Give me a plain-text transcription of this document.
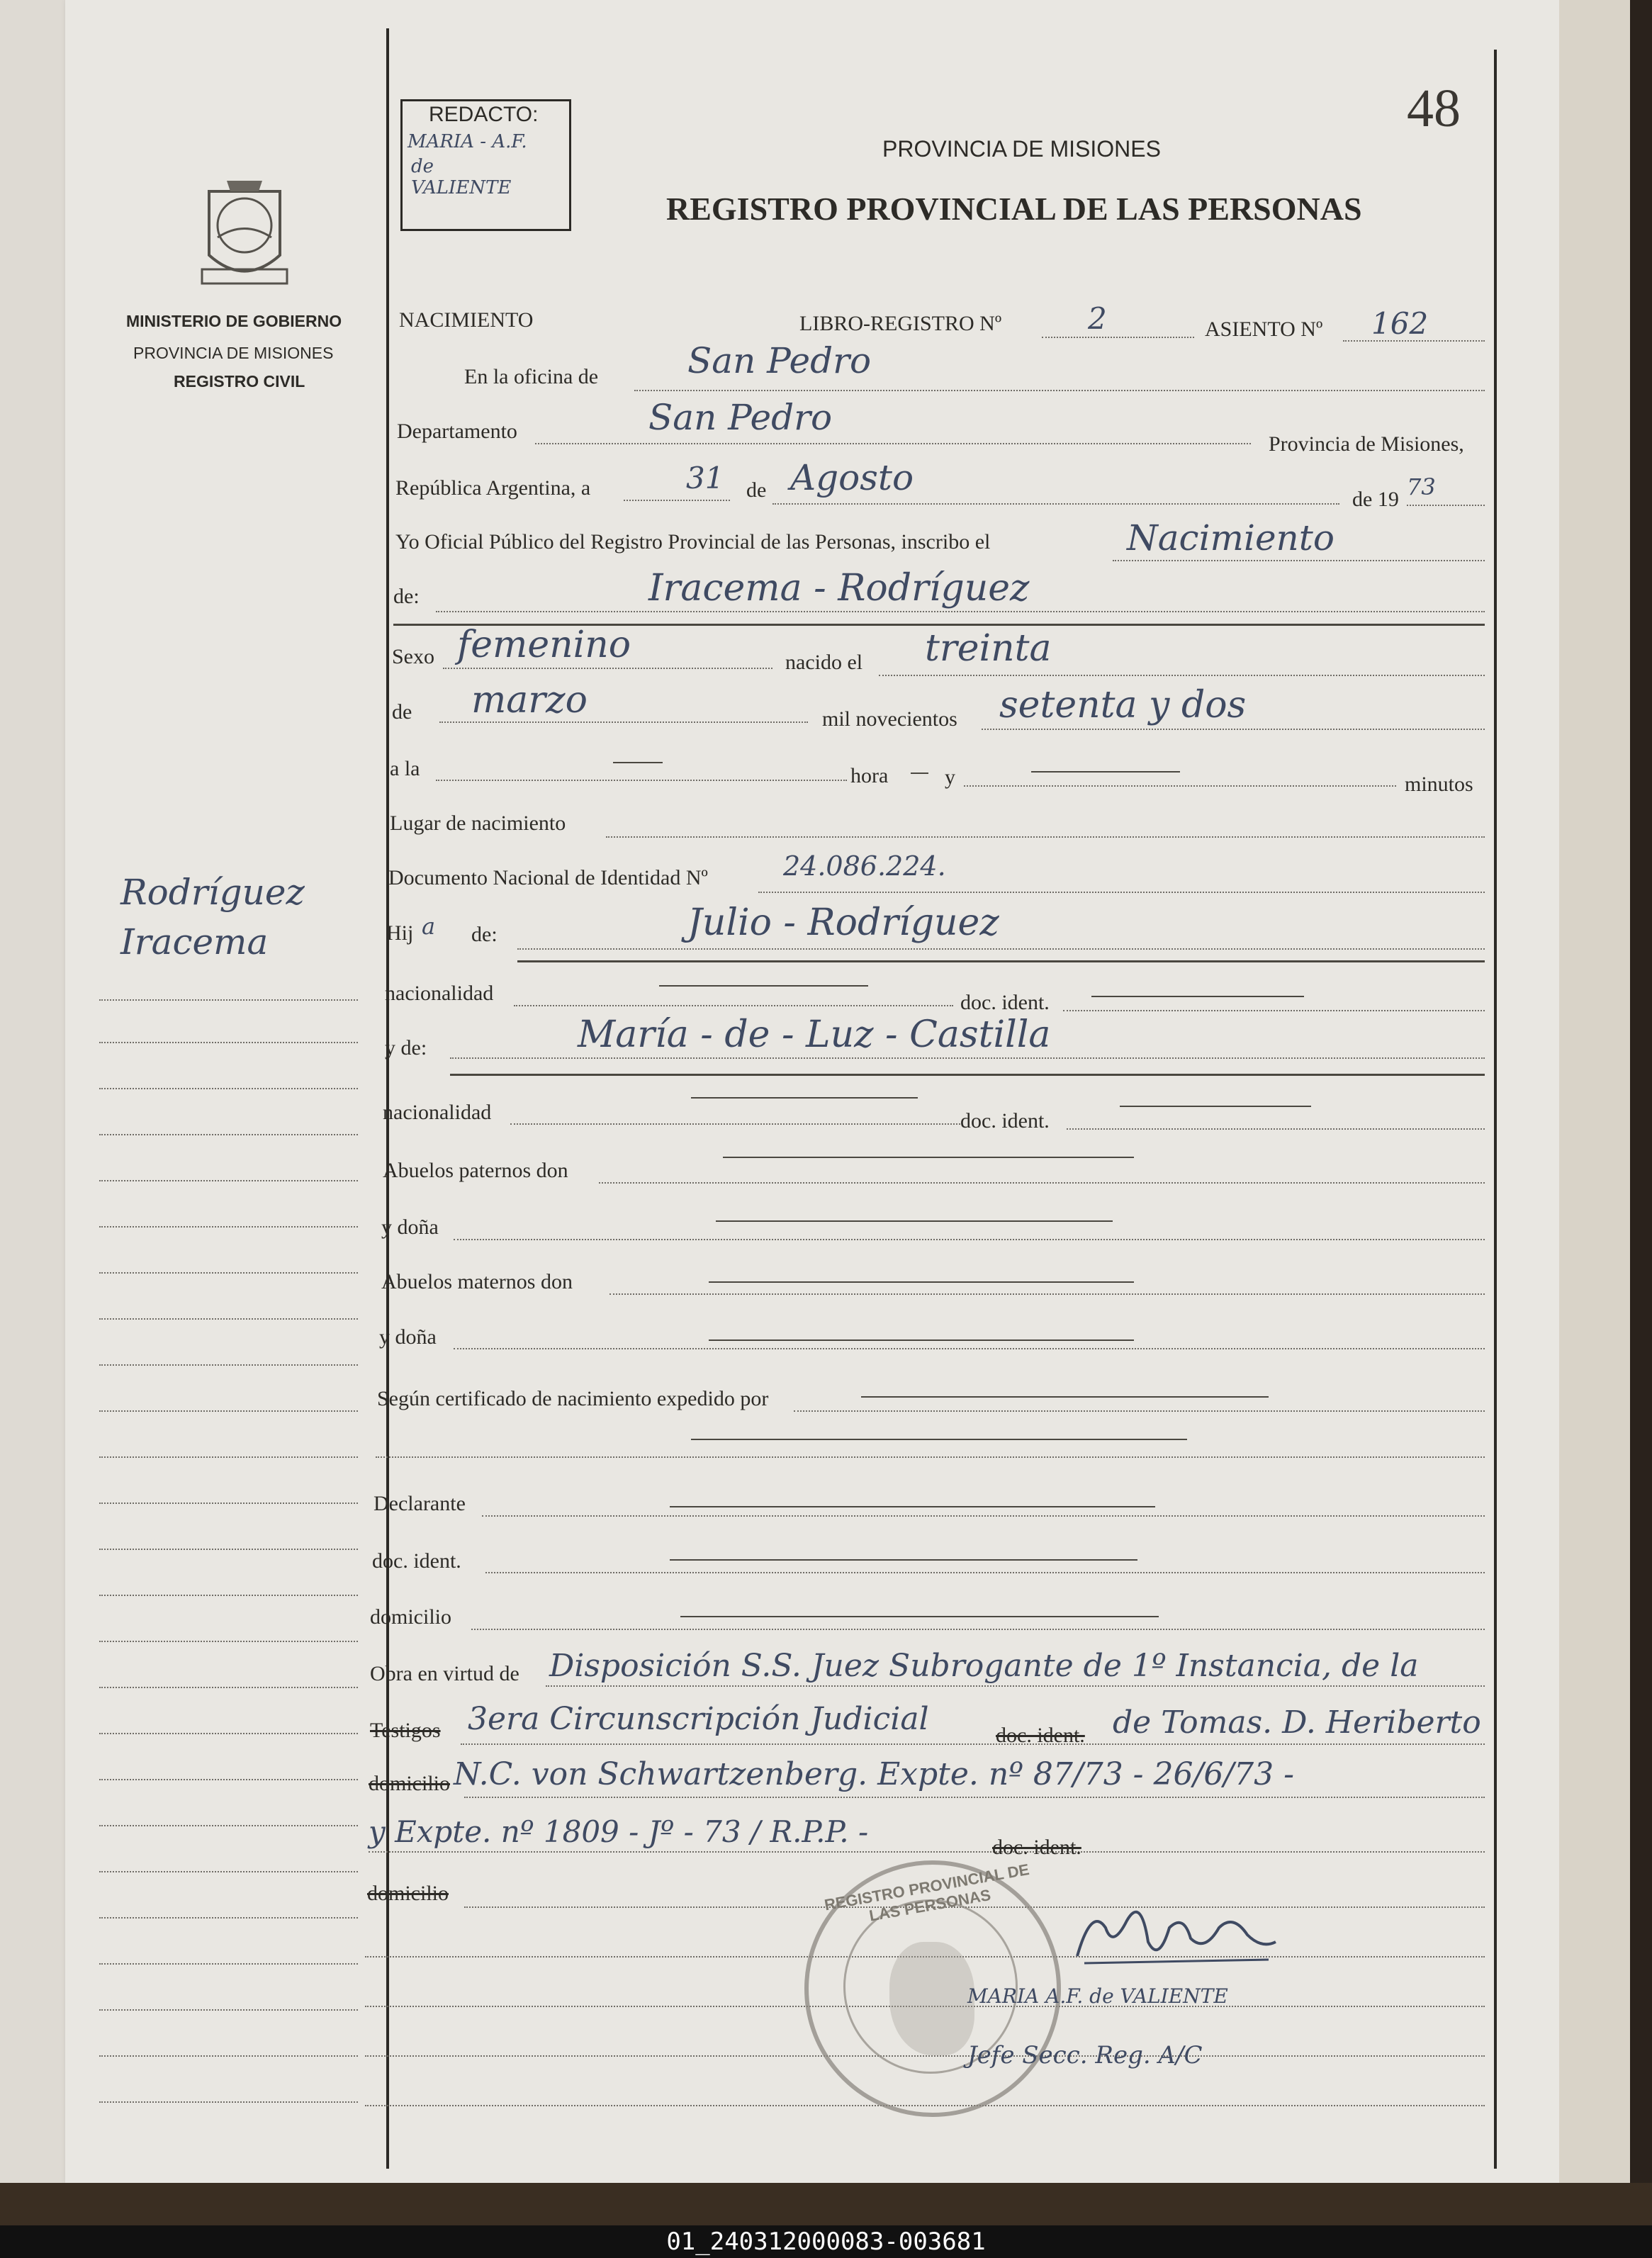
01_240312000083-003681
48
REDACTO:
MARIA - A.F.
de
VALIENTE
PROVINCIA DE MISIONES
REGISTRO PROVINCIAL DE LAS PERSONAS
MINISTERIO DE GOBIERNO
PROVINCIA DE MISIONES
REGISTRO CIVIL
Rodríguez
Iracema
NACIMIENTO	LIBRO-REGISTRO Nº	2	ASIENTO Nº 162
En la oficina de	San Pedro
Departamento	San Pedro
Provincia de Misiones,
República Argentina, a	31 de Agosto
de 19 73
Yo Oficial Público del Registro Provincial de las Personas, inscribo el	Nacimiento
de:	Iracema - Rodríguez
Sexo femenino	nacido el treinta
de marzo	mil novecientos setenta y dos
a la	hora	y	minutos
Lugar de nacimiento
Documento Nacional de Identidad Nº	24.086.224.
Hij a de:	Julio - Rodríguez
nacionalidad	doc. ident.
y de:	María - de - Luz - Castilla
nacionalidad	doc. ident.
Abuelos paternos don
y doña
Abuelos maternos don
y doña
Según certificado de nacimiento expedido por
Declarante
doc. ident.
domicilio
Obra en virtud de Disposición S.S. Juez Subrogante de 1º Instancia, de la
Testigos 3era Circunscripción Judicial	doc. ident. de Tomas. D. Heriberto
domicilio N.C. von Schwartzenberg. Expte. nº 87/73 - 26/6/73 -
y Expte. nº 1809 - Jº - 73 / R.P.P. -	doc. ident.
domicilio	REGISTRO PROVINCIAL DE LAS PERSONAS
MARIA A.F. de VALIENTE
Jefe Secc. Reg. A/C
